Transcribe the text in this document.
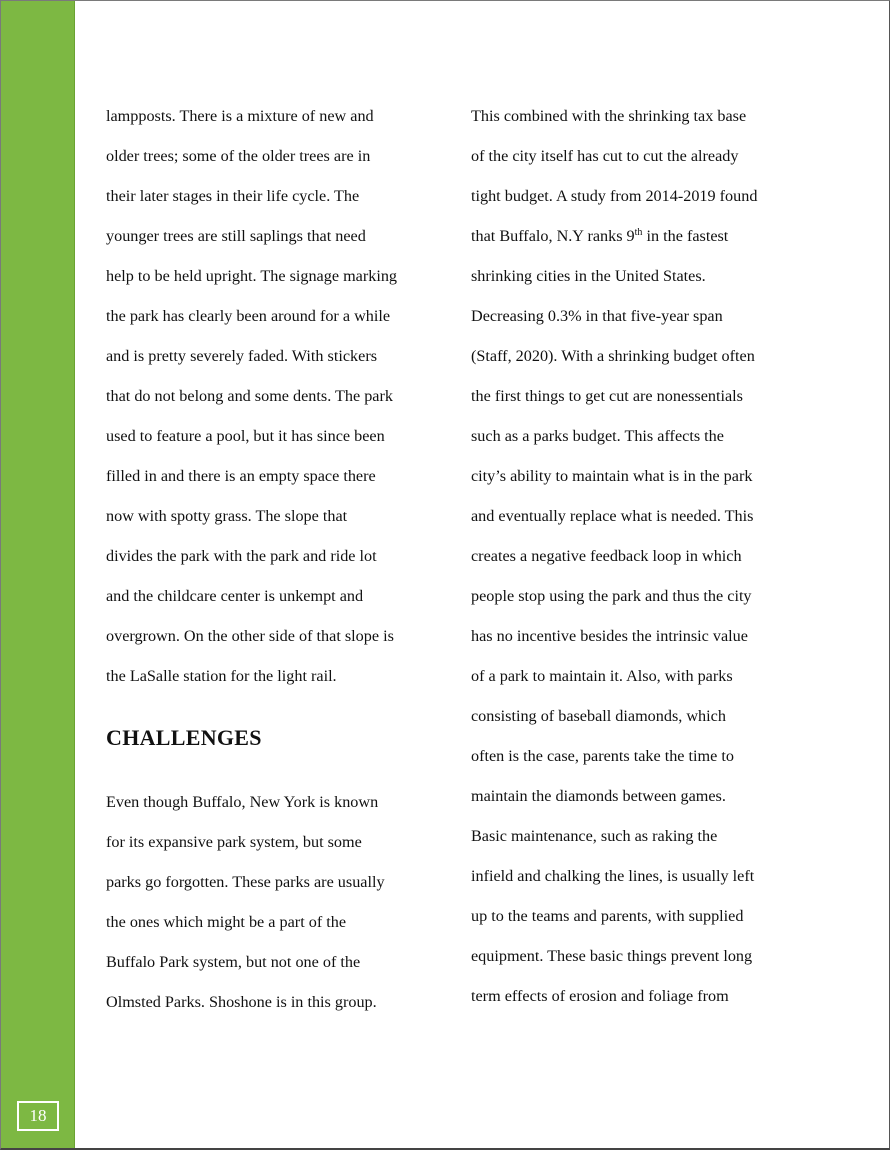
18
lampposts. There is a mixture of new and
older trees; some of the older trees are in
their later stages in their life cycle. The
younger trees are still saplings that need
help to be held upright. The signage marking
the park has clearly been around for a while
and is pretty severely faded. With stickers
that do not belong and some dents. The park
used to feature a pool, but it has since been
filled in and there is an empty space there
now with spotty grass. The slope that
divides the park with the park and ride lot
and the childcare center is unkempt and
overgrown. On the other side of that slope is
the LaSalle station for the light rail.
CHALLENGES
Even though Buffalo, New York is known
for its expansive park system, but some
parks go forgotten. These parks are usually
the ones which might be a part of the
Buffalo Park system, but not one of the
Olmsted Parks. Shoshone is in this group.
This combined with the shrinking tax base
of the city itself has cut to cut the already
tight budget. A study from 2014-2019 found
that Buffalo, N.Y ranks 9th in the fastest
shrinking cities in the United States.
Decreasing 0.3% in that five-year span
(Staff, 2020). With a shrinking budget often
the first things to get cut are nonessentials
such as a parks budget. This affects the
city’s ability to maintain what is in the park
and eventually replace what is needed. This
creates a negative feedback loop in which
people stop using the park and thus the city
has no incentive besides the intrinsic value
of a park to maintain it. Also, with parks
consisting of baseball diamonds, which
often is the case, parents take the time to
maintain the diamonds between games.
Basic maintenance, such as raking the
infield and chalking the lines, is usually left
up to the teams and parents, with supplied
equipment. These basic things prevent long
term effects of erosion and foliage from
